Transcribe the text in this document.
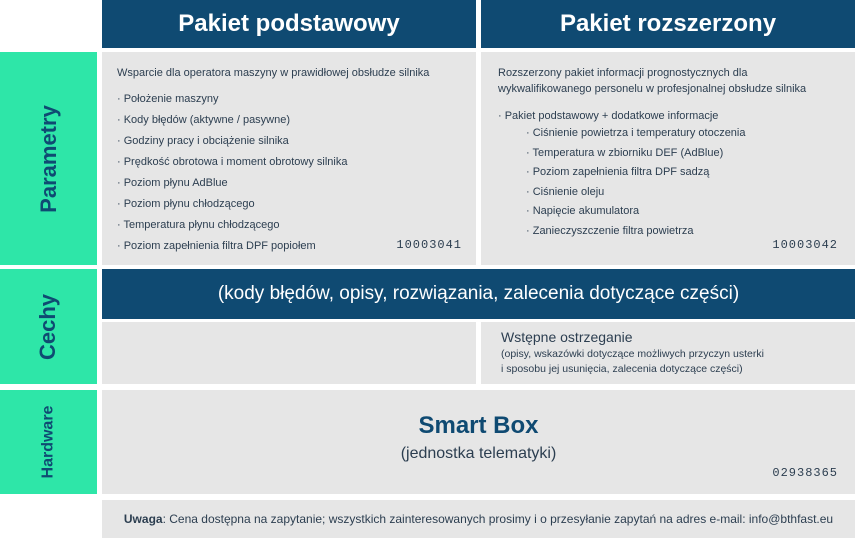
Pakiet podstawowy	Pakiet rozszerzony
Parametry
Cechy
Hardware
Wsparcie dla operatora maszyny w prawidłowej obsłudze silnika
· Położenie maszyny
· Kody błędów (aktywne / pasywne)
· Godziny pracy i obciążenie silnika
· Prędkość obrotowa i moment obrotowy silnika
· Poziom płynu AdBlue
· Poziom płynu chłodzącego
· Temperatura płynu chłodzącego
· Poziom zapełnienia filtra DPF popiołem	10003041
Rozszerzony pakiet informacji prognostycznych dla wykwalifikowanego personelu w profesjonalnej obsłudze silnika
· Pakiet podstawowy + dodatkowe informacje
· Ciśnienie powietrza i temperatury otoczenia
· Temperatura w zbiorniku DEF (AdBlue)
· Poziom zapełnienia filtra DPF sadzą
· Ciśnienie oleju
· Napięcie akumulatora
· Zanieczyszczenie filtra powietrza
10003042
(kody błędów, opisy, rozwiązania, zalecenia dotyczące części)
Wstępne ostrzeganie
(opisy, wskazówki dotyczące możliwych przyczyn usterki
i sposobu jej usunięcia, zalecenia dotyczące części)
Smart Box
(jednostka telematyki)
02938365
Uwaga : Cena dostępna na zapytanie; wszystkich zainteresowanych prosimy i o przesyłanie zapytań na adres e-mail: info@bthfast.eu
